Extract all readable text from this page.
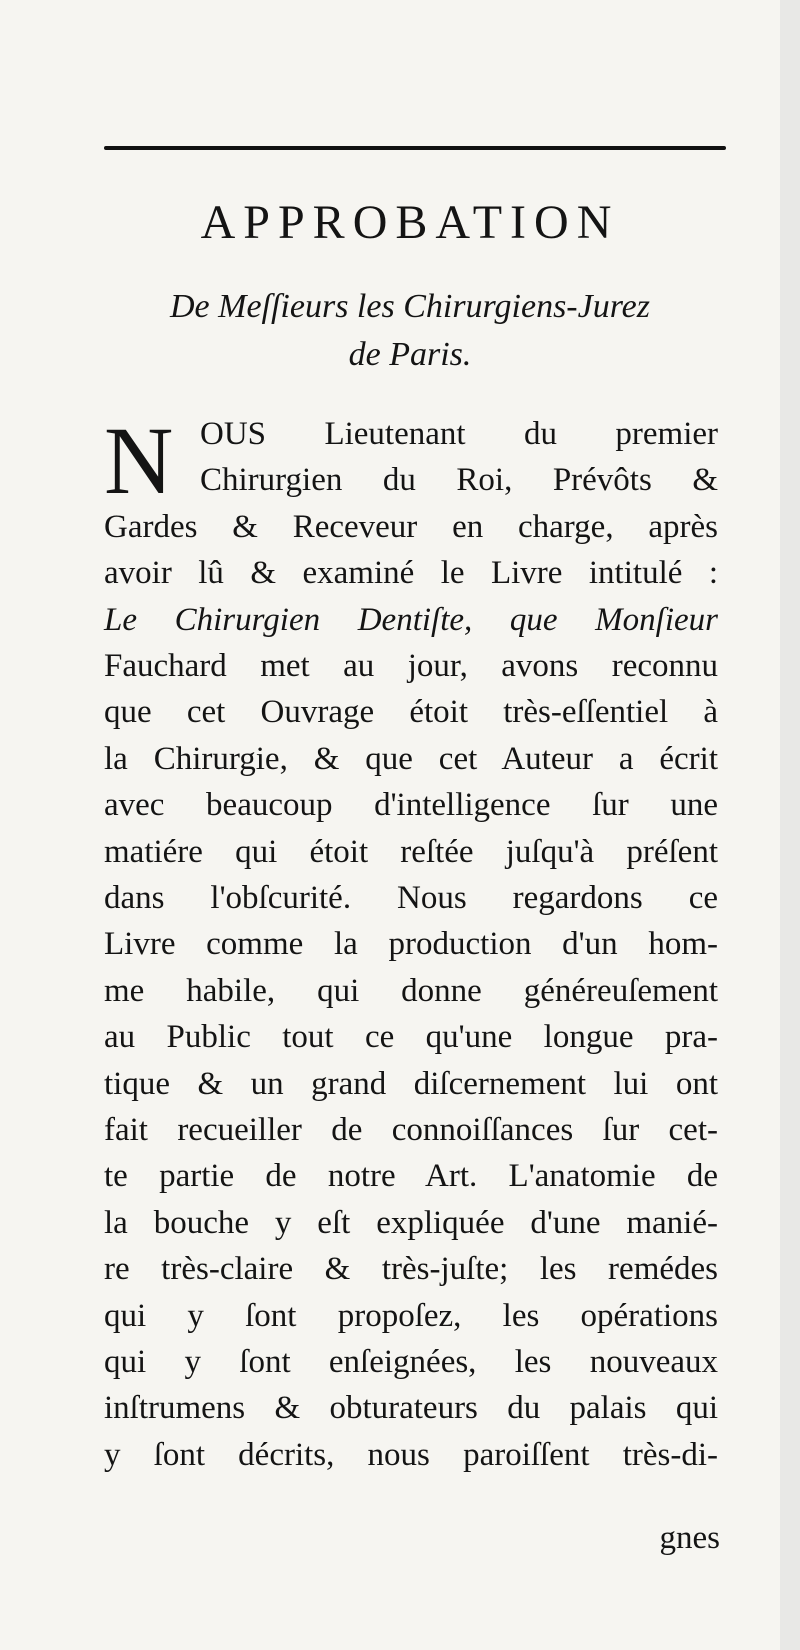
APPROBATION
De Meſſieurs les Chirurgiens-Jurez
de Paris.
N OUS Lieutenant du premier
Chirurgien du Roi, Prévôts &
Gardes & Receveur en charge, après
avoir lû & examiné le Livre intitulé :
Le Chirurgien Dentiſte, que Monſieur
Fauchard met au jour, avons reconnu
que cet Ouvrage étoit très-eſſentiel à
la Chirurgie, & que cet Auteur a écrit
avec beaucoup d'intelligence ſur une
matiére qui étoit reſtée juſqu'à préſent
dans l'obſcurité. Nous regardons ce
Livre comme la production d'un hom-
me habile, qui donne généreuſement
au Public tout ce qu'une longue pra-
tique & un grand diſcernement lui ont
fait recueiller de connoiſſances ſur cet-
te partie de notre Art. L'anatomie de
la bouche y eſt expliquée d'une manié-
re très-claire & très-juſte; les remédes
qui y ſont propoſez, les opérations
qui y ſont enſeignées, les nouveaux
inſtrumens & obturateurs du palais qui
y ſont décrits, nous paroiſſent très-di-
gnes
